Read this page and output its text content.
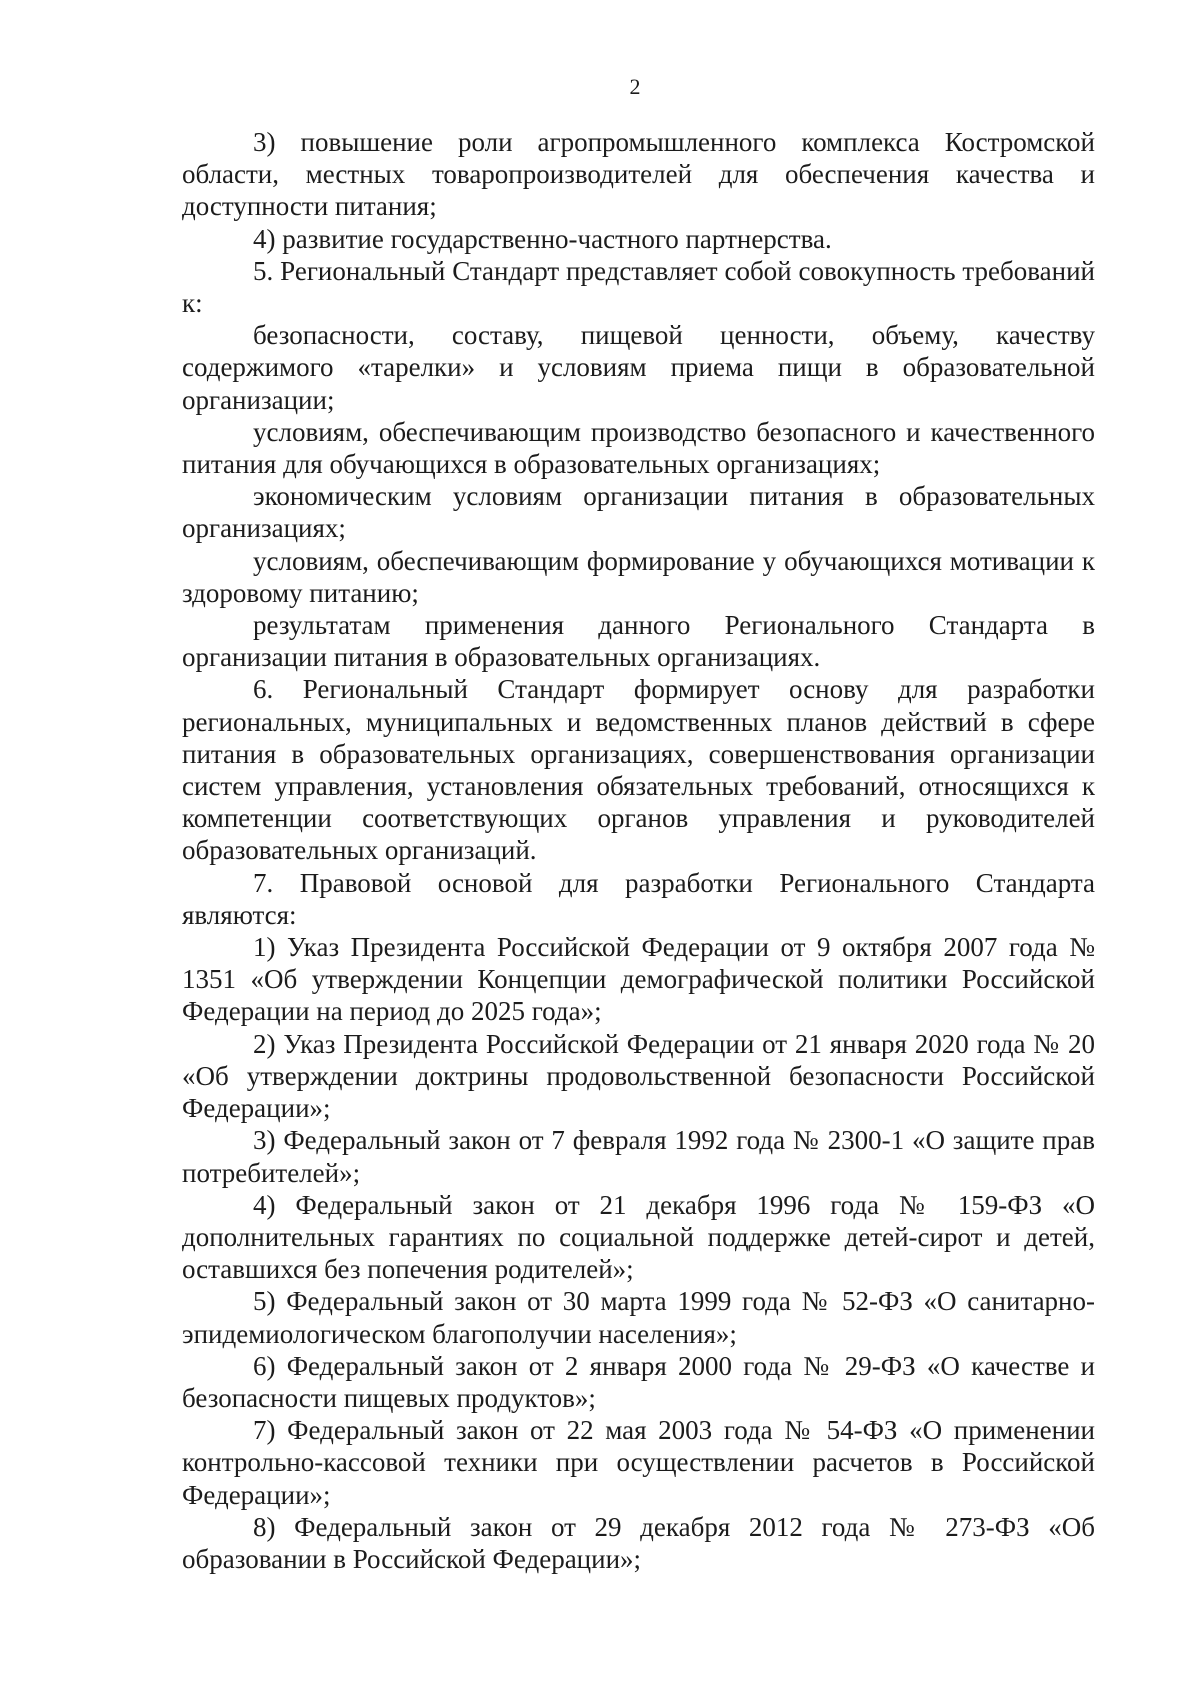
2

3) повышение роли агропромышленного комплекса Костромской области, местных товаропроизводителей для обеспечения качества и доступности питания;

4) развитие государственно-частного партнерства.

5. Региональный Стандарт представляет собой совокупность требований к:

безопасности, составу, пищевой ценности, объему, качеству содержимого «тарелки» и условиям приема пищи в образовательной организации;

условиям, обеспечивающим производство безопасного и качественного питания для обучающихся в образовательных организациях;

экономическим условиям организации питания в образовательных организациях;

условиям, обеспечивающим формирование у обучающихся мотивации к здоровому питанию;

результатам применения данного Регионального Стандарта в организации питания в образовательных организациях.

6. Региональный Стандарт формирует основу для разработки региональных, муниципальных и ведомственных планов действий в сфере питания в образовательных организациях, совершенствования организации систем управления, установления обязательных требований, относящихся к компетенции соответствующих органов управления и руководителей образовательных организаций.

7. Правовой основой для разработки Регионального Стандарта являются:

1) Указ Президента Российской Федерации от 9 октября 2007 года № 1351 «Об утверждении Концепции демографической политики Российской Федерации на период до 2025 года»;

2) Указ Президента Российской Федерации от 21 января 2020 года № 20 «Об утверждении доктрины продовольственной безопасности Российской Федерации»;

3) Федеральный закон от 7 февраля 1992 года № 2300-1 «О защите прав потребителей»;

4) Федеральный закон от 21 декабря 1996 года № 159-ФЗ «О дополнительных гарантиях по социальной поддержке детей-сирот и детей, оставшихся без попечения родителей»;

5) Федеральный закон от 30 марта 1999 года № 52-ФЗ «О санитарно-эпидемиологическом благополучии населения»;

6) Федеральный закон от 2 января 2000 года № 29-ФЗ «О качестве и безопасности пищевых продуктов»;

7) Федеральный закон от 22 мая 2003 года № 54-ФЗ «О применении контрольно-кассовой техники при осуществлении расчетов в Российской Федерации»;

8) Федеральный закон от 29 декабря 2012 года № 273-ФЗ «Об образовании в Российской Федерации»;
